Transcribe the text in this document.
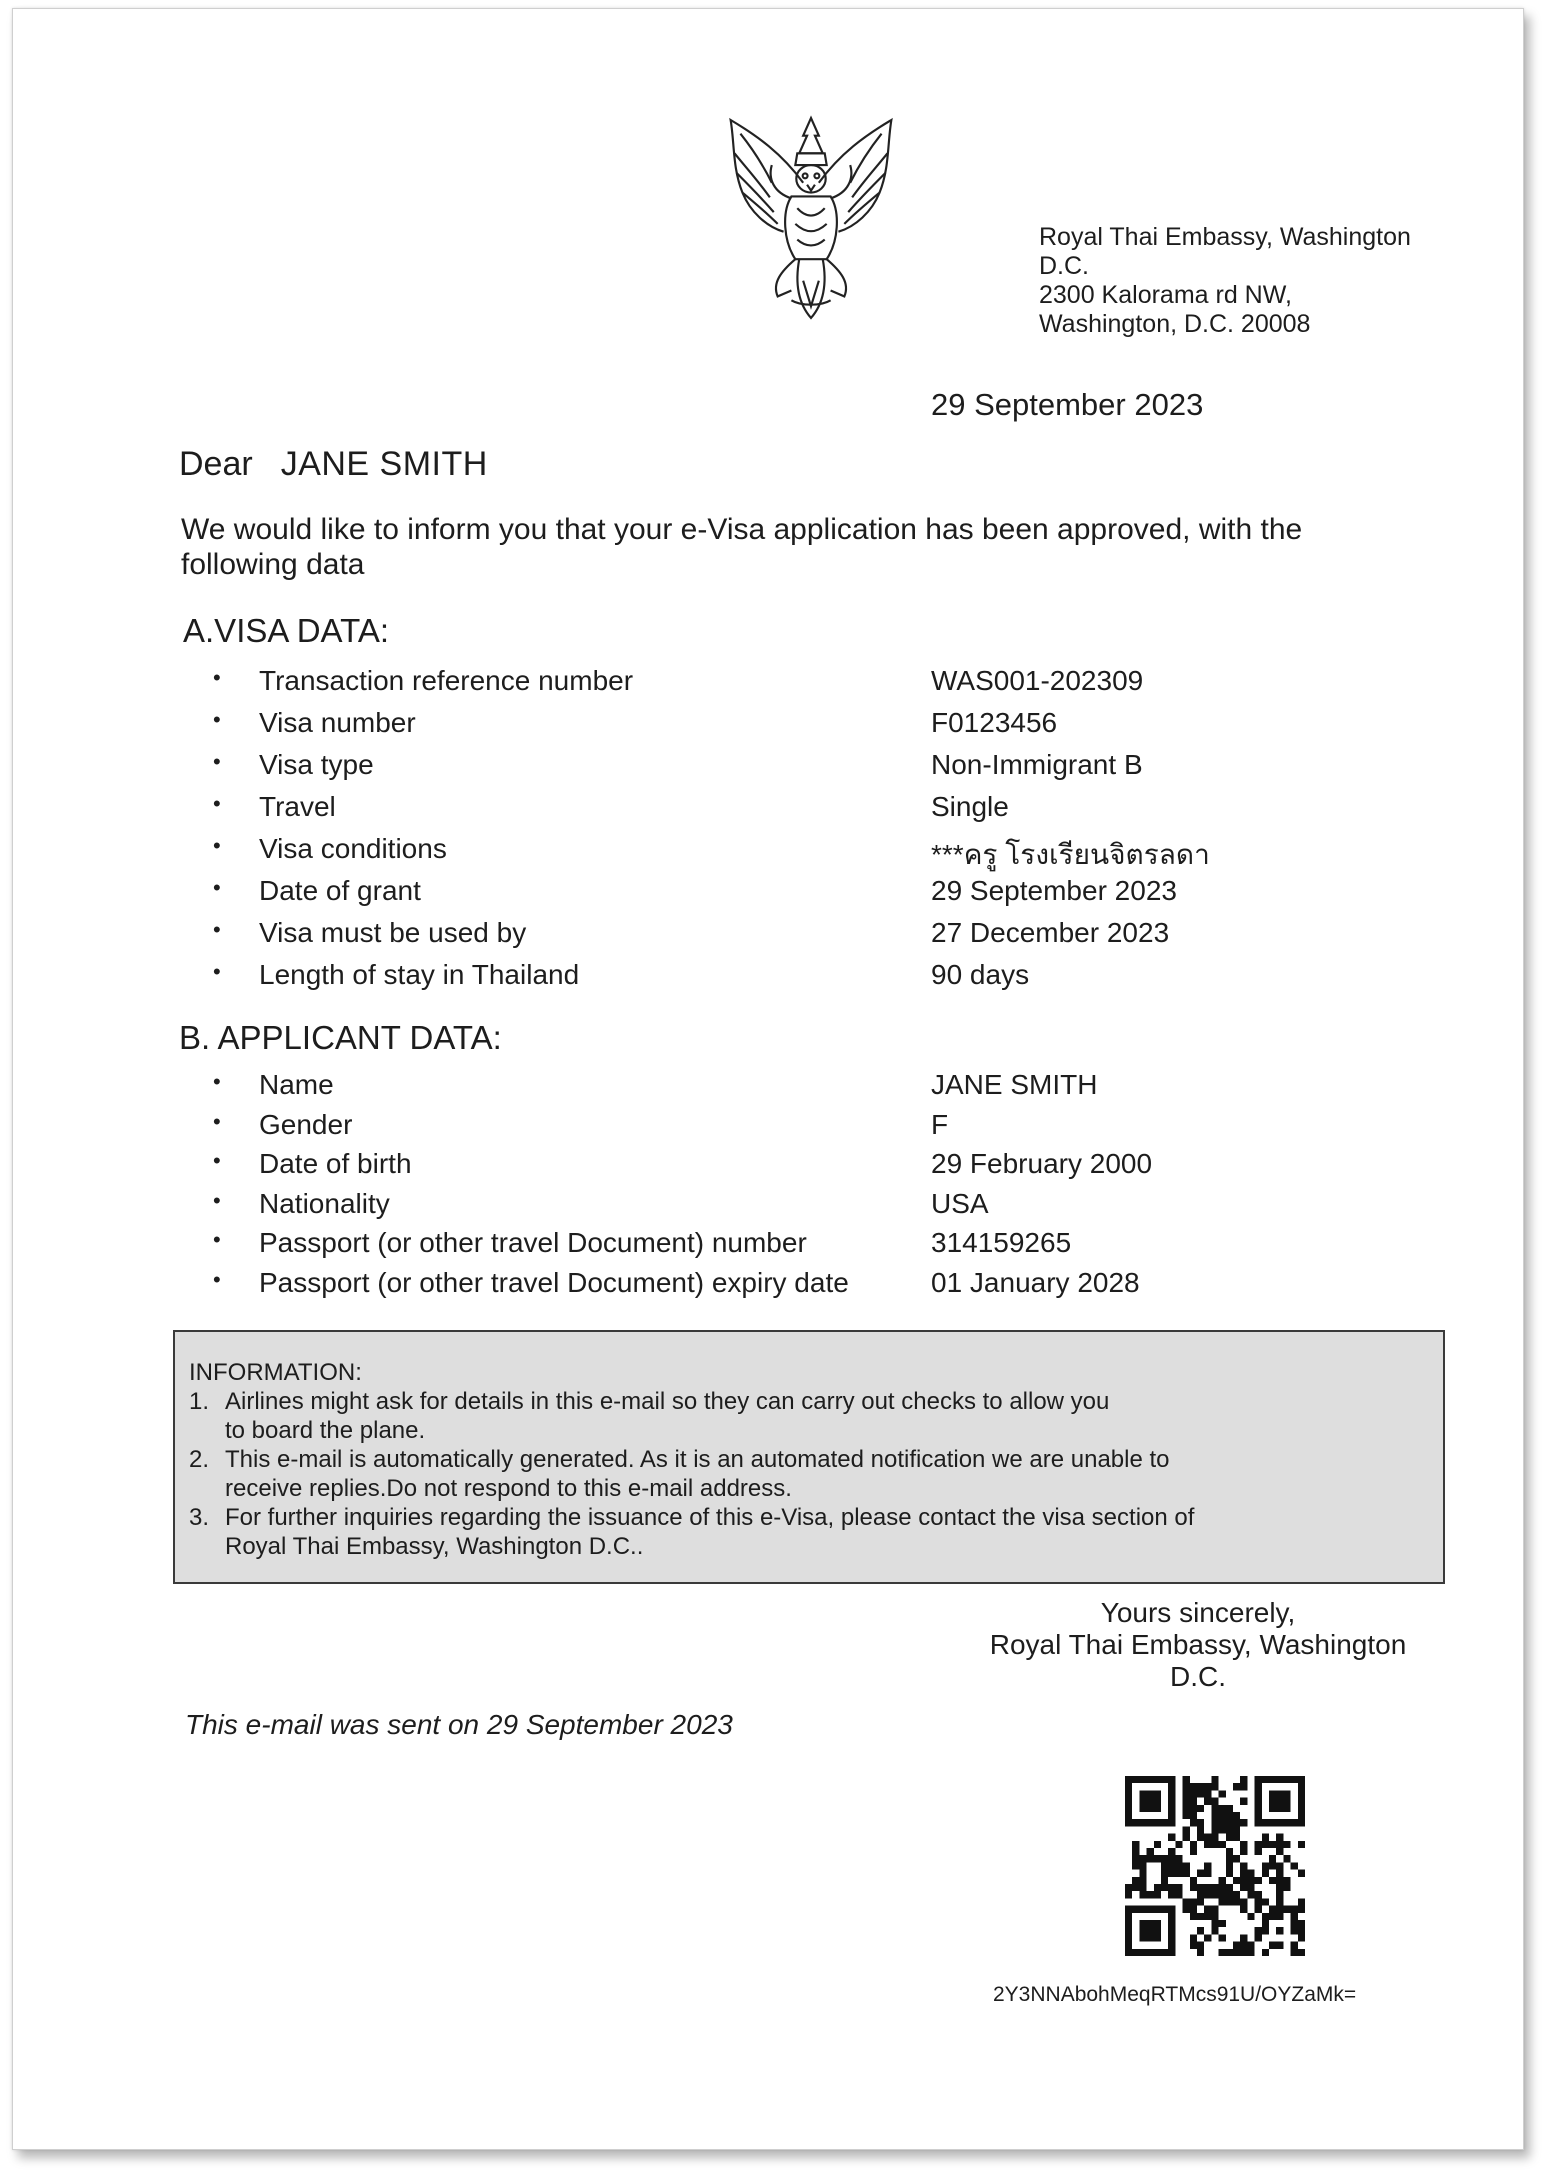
Royal Thai Embassy, Washington
D.C.
2300 Kalorama rd NW,
Washington, D.C. 20008
29 September 2023
Dear JANE SMITH
We would like to inform you that your e-Visa application has been approved, with the following data
A.VISA DATA:
• Transaction reference number	WAS001-202309
• Visa number	F0123456
• Visa type	Non-Immigrant B
• Travel	Single
• Visa conditions	***ครู โรงเรียนจิตรลดา
• Date of grant	29 September 2023
• Visa must be used by	27 December 2023
• Length of stay in Thailand	90 days
B. APPLICANT DATA:
• Name	JANE SMITH
• Gender	F
• Date of birth	29 February 2000
• Nationality	USA
• Passport (or other travel Document) number	314159265
• Passport (or other travel Document) expiry date	01 January 2028
INFORMATION:
1. Airlines might ask for details in this e-mail so they can carry out checks to allow you
to board the plane.
2. This e-mail is automatically generated. As it is an automated notification we are unable to
receive replies.Do not respond to this e-mail address.
3. For further inquiries regarding the issuance of this e-Visa, please contact the visa section of
Royal Thai Embassy, Washington D.C..
Yours sincerely,
Royal Thai Embassy, Washington
D.C.
This e-mail was sent on 29 September 2023
2Y3NNAbohMeqRTMcs91U/OYZaMk=
